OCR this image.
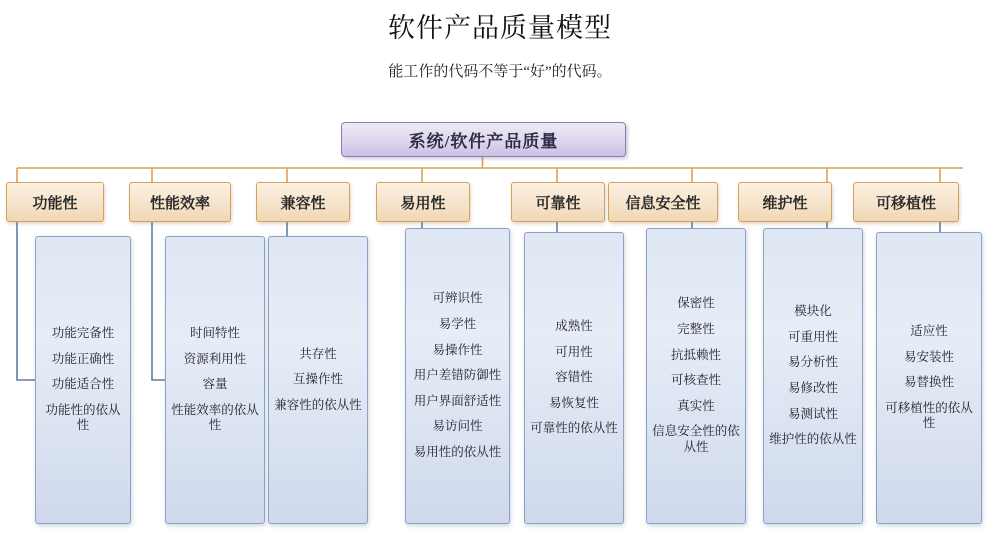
软件产品质量模型
能工作的代码不等于“好”的代码。
系统/软件产品质量
功能性
功能完备性
功能正确性
功能适合性
功能性的依从性
性能效率
时间特性
资源利用性
容量
性能效率的依从性
兼容性
共存性
互操作性
兼容性的依从性
易用性
可辨识性
易学性
易操作性
用户差错防御性
用户界面舒适性
易访问性
易用性的依从性
可靠性
成熟性
可用性
容错性
易恢复性
可靠性的依从性
信息安全性
保密性
完整性
抗抵赖性
可核查性
真实性
信息安全性的依从性
维护性
模块化
可重用性
易分析性
易修改性
易测试性
维护性的依从性
可移植性
适应性
易安装性
易替换性
可移植性的依从性
